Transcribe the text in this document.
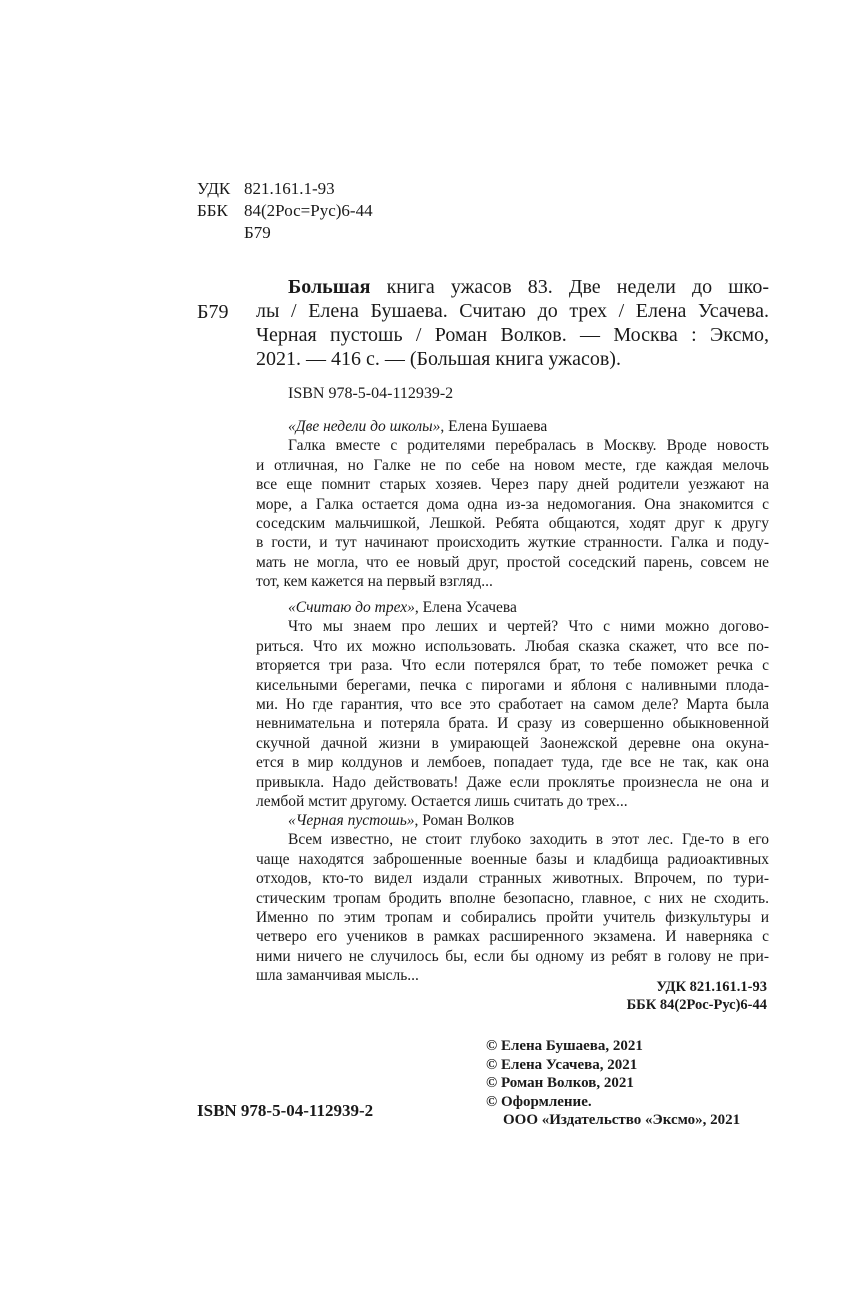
УДК 821.161.1-93
ББК 84(2Рос=Рус)6-44
Б79
Б79
Большая книга ужасов 83. Две недели до шко-
лы / Елена Бушаева. Считаю до трех / Елена Усачева.
Черная пустошь / Роман Волков. — Москва : Эксмо,
2021. — 416 с. — (Большая книга ужасов).
ISBN 978-5-04-112939-2
«Две недели до школы», Елена Бушаева
Галка вместе с родителями перебралась в Москву. Вроде новость
и отличная, но Галке не по себе на новом месте, где каждая мелочь
все еще помнит старых хозяев. Через пару дней родители уезжают на
море, а Галка остается дома одна из-за недомогания. Она знакомится с
соседским мальчишкой, Лешкой. Ребята общаются, ходят друг к другу
в гости, и тут начинают происходить жуткие странности. Галка и поду-
мать не могла, что ее новый друг, простой соседский парень, совсем не
тот, кем кажется на первый взгляд...
«Считаю до трех», Елена Усачева
Что мы знаем про леших и чертей? Что с ними можно догово-
риться. Что их можно использовать. Любая сказка скажет, что все по-
вторяется три раза. Что если потерялся брат, то тебе поможет речка с
кисельными берегами, печка с пирогами и яблоня с наливными плода-
ми. Но где гарантия, что все это сработает на самом деле? Марта была
невнимательна и потеряла брата. И сразу из совершенно обыкновенной
скучной дачной жизни в умирающей Заонежской деревне она окуна-
ется в мир колдунов и лембоев, попадает туда, где все не так, как она
привыкла. Надо действовать! Даже если проклятье произнесла не она и
лембой мстит другому. Остается лишь считать до трех...
«Черная пустошь», Роман Волков
Всем известно, не стоит глубоко заходить в этот лес. Где-то в его
чаще находятся заброшенные военные базы и кладбища радиоактивных
отходов, кто-то видел издали странных животных. Впрочем, по тури-
стическим тропам бродить вполне безопасно, главное, с них не сходить.
Именно по этим тропам и собирались пройти учитель физкультуры и
четверо его учеников в рамках расширенного экзамена. И наверняка с
ними ничего не случилось бы, если бы одному из ребят в голову не при-
шла заманчивая мысль...
УДК 821.161.1-93
ББК 84(2Рос-Рус)6-44
© Елена Бушаева, 2021
© Елена Усачева, 2021
© Роман Волков, 2021
© Оформление.
ООО «Издательство «Эксмо», 2021
ISBN 978-5-04-112939-2
